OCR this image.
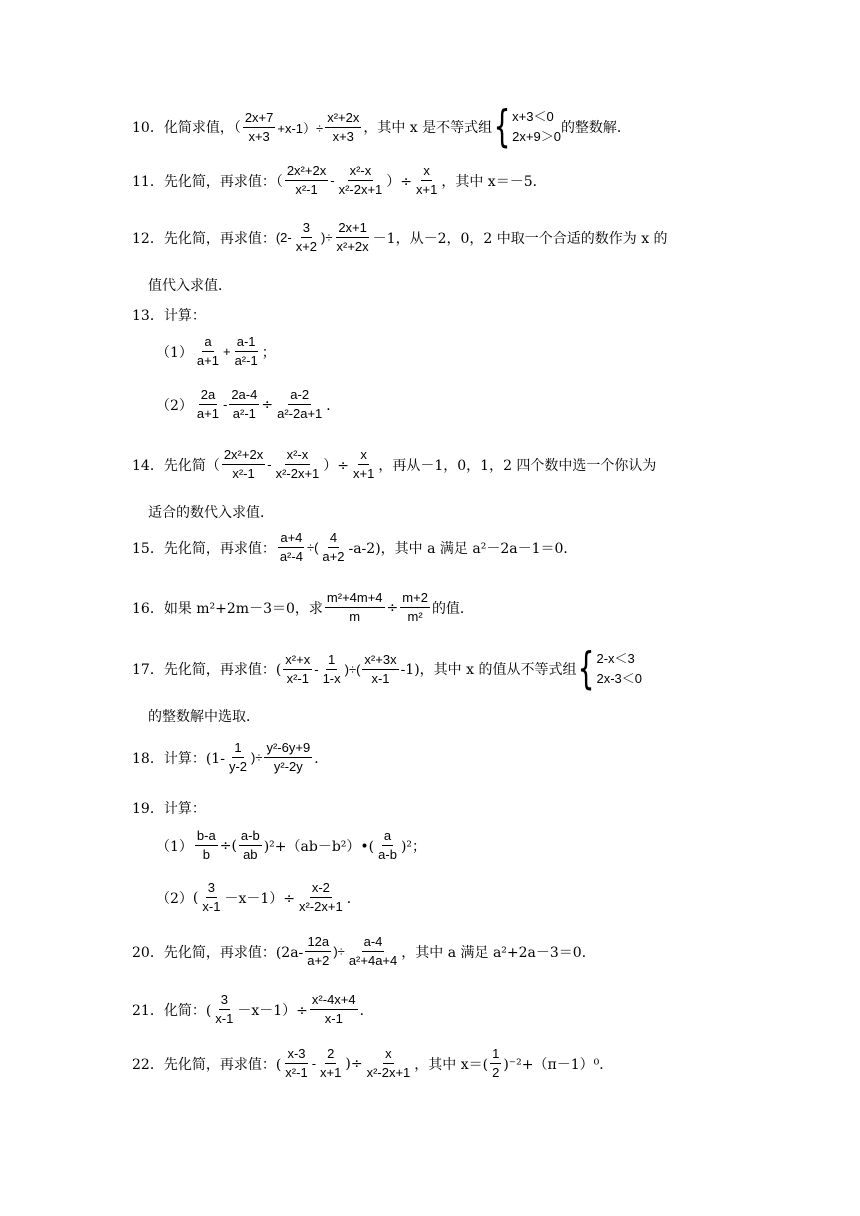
10． 化简求值，（ $\frac{2x+7}{x+3} +x-1)\div \frac{\text{x²+2x}}{x+3}$ ，其中 x 是不等式组 { x+3＜0
2x+9＞0
的整数解．
11． 先化简，再求值：（ $\frac{\text{2x²+2x}}{\text{x²-1}} - \frac{\text{x²-x}}{\text{x²-2x+1}}$ ）÷ $\frac{x}{x+1}$ ，其中 x＝－5．
12． 先化简，再求值： ($2- \frac{3}{x+2}$ )÷ $\frac{2x+1}{\text{x²+2x}} -1$，从－2，0，2 中取一个合适的数作为 x 的
值代入求值．
13．计算：
$(1) \frac{a}{a+1} + \frac{a-1}{\text{a²-1}}$ ；
$(2) \frac{2a}{a+1} - \frac{2a-4}{\text{a²-1}} \div \frac{a-2}{\text{a²-2a+1}}$ ．
14． 先化简（ $\frac{\text{2x²+2x}}{\text{x²-1}} - \frac{\text{x²-x}}{\text{x²-2x+1}}$ ）÷ $\frac{x}{x+1}$ ，再从－1，0，1，2 四个数中选一个你认为
适合的数代入求值．
15． 先化简，再求值： $\frac{a+4}{\text{a²-4}}$ ÷( $\frac{4}{a+2} -a-2$)，其中 a 满足 a²－2a－1＝0．
16． 如果 m²+2m－3＝0，求 $\frac{\text{m²+4m+4}}{m} \div \frac{m+2}{\text{m²}}$ 的值．
17． 先化简，再求值：( $\frac{\text{x²+x}}{\text{x²-1}} - \frac{1}{1-x}$ )÷( $\frac{\text{x²+3x}}{x-1} -1$)，其中 x 的值从不等式组 { 2-x＜3
2x-3＜0
的整数解中选取．
18． 计算：($1- \frac{1}{y-2}$ )÷ $\frac{\text{y²-6y+9}}{\text{y²-2y}}$ ．
19．计算：
$(1) \frac{b-a}{b}$ ÷( $\frac{a-b}{ab}$ )²+（ab－b²）•( $\frac{a}{a-b} )^2$；
（2） ( $\frac{3}{x-1} -x-1)\div \frac{x-2}{\text{x²-2x+1}}$ ．
20． 先化简，再求值：($2a- \frac{12a}{a+2}$ )÷ $\frac{a-4}{\text{a²+4a+4}}$ ，其中 a 满足 a²+2a－3＝0．
21． 化简：( $\frac{3}{x-1} -x-1)\div \frac{\text{x²-4x+4}}{x-1}$ ．
22． 先化简，再求值：( $\frac{x-3}{\text{x²-1}} - \frac{2}{x+1}$ )÷ $\frac{x}{\text{x²-2x+1}}$ ，其中 $x=( \frac{1}{2} )^{-2}+(\pi-1)^0$．
